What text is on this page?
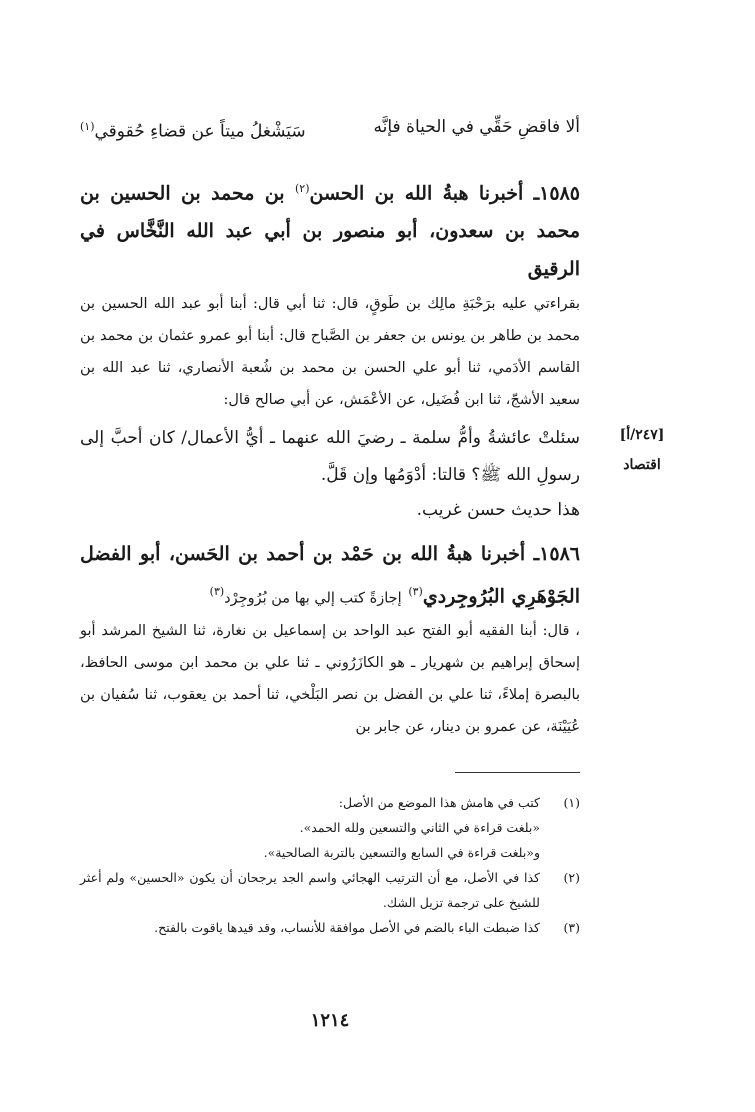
ألا فاقضِ حَقِّي في الحياة فإنَّه
سَيَشْغلُ ميتاً عن قضاءِ حُقوقي$^{(١)}$
١٥٨٥ـ أخبرنا هبةُ الله بن الحسن$^{(٢)}$ بن محمد بن الحسين بن محمد بن سعدون، أبو منصور بن أبي عبد الله النَّخَّاس في الرقيق
بقراءتي عليه برَحْبَةِ مالِك بن طَوقٍ، قال: ثنا أبي قال: أبنا أبو عبد الله الحسين بن محمد بن طاهر بن يونس بن جعفر بن الصَّباح قال: أبنا أبو عمرو عثمان بن محمد بن القاسم الأدَمي، ثنا أبو علي الحسن بن محمد بن شُعبة الأنصاري، ثنا عبد الله بن سعيد الأشجّ، ثنا ابن فُضَيل، عن الأعْمَش، عن أبي صالح قال:
سئلتْ عائشةُ وأمُّ سلمة ـ رضيَ الله عنهما ـ أيُّ الأعمال/ كان أحبَّ إلى رسولِ الله ﷺ؟ قالتا: أدْوَمُها وإن قَلَّ.
هذا حديث حسن غريب.
[٢٤٧/أ]
اقتصاد
١٥٨٦ـ أخبرنا هبةُ الله بن حَمْد بن أحمد بن الحَسن، أبو الفضل الجَوْهَرِي البُرُوجِردي$^{(٣)}$ إجازةً كتب إلي بها من بُرُوجِرْد$^{(٣)}$
، قال: أبنا الفقيه أبو الفتح عبد الواحد بن إسماعيل بن نغارة، ثنا الشيخ المرشد أبو إسحاق إبراهيم بن شهريار ـ هو الكازَرُوني ـ ثنا علي بن محمد ابن موسى الحافظ، بالبصرة إملاءً، ثنا علي بن الفضل بن نصر البَلْخي، ثنا أحمد بن يعقوب، ثنا سُفيان بن عُيَيْنَة، عن عمرو بن دينار، عن جابر بن
(١)
كتب في هامش هذا الموضع من الأصل:
«بلغت قراءة في الثاني والتسعين ولله الحمد».
و«بلغت قراءة في السابع والتسعين بالتربة الصالحية».
(٢)
كذا في الأصل، مع أن الترتيب الهجائي واسم الجد يرجحان أن يكون «الحسين» ولم أعثر للشيخ على ترجمة تزيل الشك.
(٣)
كذا ضبطت الباء بالضم في الأصل موافقة للأنساب، وقد قيدها ياقوت بالفتح.
١٢١٤
